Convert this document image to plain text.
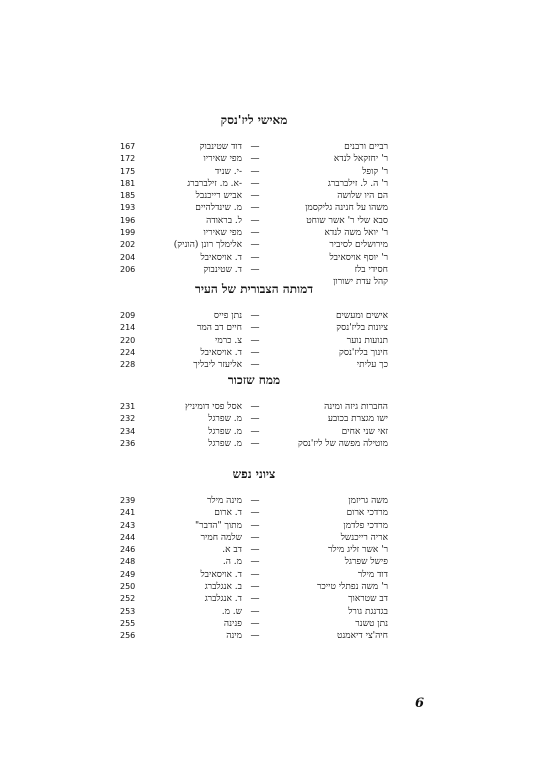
מאישי ליז'נסק
רביים ורבנים
—
דוד שטינבוק
167
ר' יחזקאל לנדא
—
מפי שאיריו
172
ר' קופל
—
-י. שניד
175
ר' ה. ל. זילברברג
—
-א. מ. זילברברג
181
הם היו שלושה
—
אביש רייכנבל
185
משהו על חנינה גליקסמן
—
מ. שינדלהיים
193
סבא שלי ר' אשר שוחט
—
ל. בראודה
196
ר' יואל משה לנדא
—
מפי שאיריו
199
מירושלים לסיביר
—
אלימלך רונן (הוניק)
202
ר' יוסף אויסאיבל
—
ד. אויסאיבל
204
חסידי בלז
—
ד. שטינבוק
206
קהל עדת ישורון
דמותה הצבורית של העיר
אישים ומעשים
—
נתן פייס
209
ציונות בליז'נסק
—
חיים דב המר
214
תנועות נוער
—
צ. כרמי
220
חינוך בליז'נסק
—
ד. אויסאיבל
224
כך עליתי
—
אליעזר ליבליך
228
ממח שזכור
החברות גיזה ומינה
—
אסל פסי דומיניץ
231
ישו מגצרת בכובע
—
מ. שפרגל
232
זאי שני אחים
—
מ. שפרגל
234
מוטילה מפשה של ליז'נסק
—
מ. שפרגל
236
ציוני נפש
משה גריזמן
—
מינה מילר
239
מרדכי ארום
—
ד. ארום
241
מרדכי פלדמן
—
מתוך "הדבר"
243
אריה רייכנשל
—
שלמה חמיר
244
ר' אשר זליג מילר
—
דב א.
246
פישל שפרגל
—
מ. ה.
248
דוד מילר
—
ד. אויסאיבל
249
ר' משה נפתלי טייכר
—
ב. אנגלברג
250
דב שטראוך
—
ד. אנגלברג
252
בגדנגת גורל
—
ש. מ.
253
נתן טשנר
—
פנינה
255
חיה'צי דיאמנט
—
מינה
256
6
